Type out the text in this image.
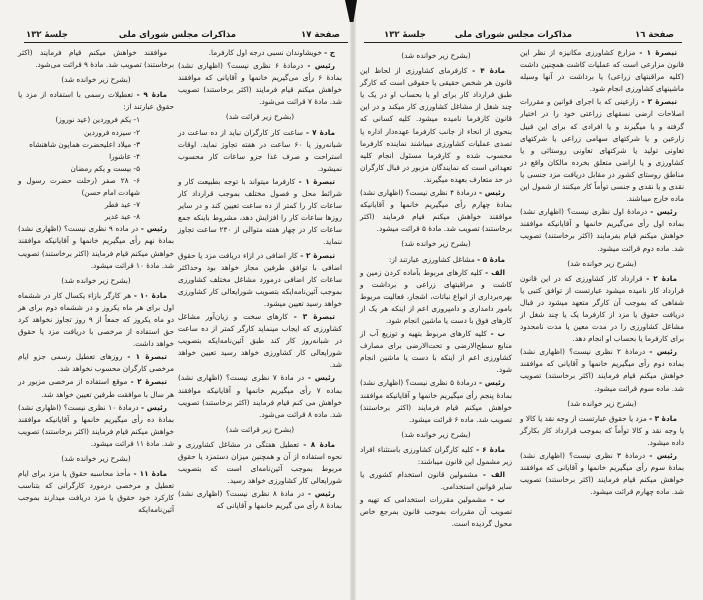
صفحة ۱۷
مذاکرات مجلس شورای ملی
جلسهٔ ۱۳۲

ج - خویشاوندان نسبی درجه اول کارفرما.

رئیس - درمادهٔ ۶ نظری نیست؟ (اظهاری نشد) بمادهٔ ۶ رأی می‌گیریم خانمها و آقایانی که موافقند خواهش میکنم قیام فرمایند (اکثر برخاستند) تصویب شد. مادهٔ ۷ قرائت می‌شود.

(بشرح زیر قرائت شد)

مادهٔ ۷ - ساعت کار کارگران نباید از ده ساعت در شبانه‌روز یا ۶۰ ساعت در هفته تجاوز نماید. اوقات استراحت و صرف غذا جزو ساعات کار محسوب نمیشود.

تبصرهٔ ۱ - کارفرما میتواند با توجه بطبیعت کار و شرائط محل و فصول مختلف بموجب قرارداد کار ساعات کار را کمتر از ده ساعت تعیین کند و در سایر روزها ساعات کار را افزایش دهد، مشروط باینکه جمع ساعات کار در چهار هفته متوالی از ۲۴۰ ساعت تجاوز ننماید.

تبصرهٔ ۲ - کار اضافی در ازاء دریافت مزد یا حقوق اضافی با توافق طرفین مجاز خواهد بود وحداکثر ساعات کار اضافی درمورد مشاغل مختلف کشاورزی بموجب آئین‌نامه‌ایکه بتصویب شورایعالی کار کشاورزی خواهد رسید تعیین میشود.

تبصرهٔ ۳ - کارهای سخت و زیان‌آور مشاغل کشاورزی که ایجاب مینماید کارگر کمتر از ده ساعت در شبانه‌روز کار کند طبق آئین‌نامه‌ایکه بتصویب شورایعالی کار کشاورزی خواهد رسید تعیین خواهد شد.

رئیس - در مادهٔ ۷ نظری نیست؟ (اظهاری نشد) بماده ۷ رأی میگیریم خانمها و آقایانیکه موافقند خواهش می کنم قیام فرمایند (اکثر برخاستند) تصویب شد. ماده ۸ قرائت می‌شود.

(بشرح زیر قرائت شد)

مادهٔ ۸ - تعطیل هفتگی در مشاغل کشاورزی و نحوه استفاده از آن و همچنین میزان دستمزد یا حقوق مربوط بموجب آئین‌نامه‌ای است که بتصویب شورایعالی کار کشاورزی خواهد رسید.

رئیس - در مادهٔ ۸ نظری نیست؟ (اظهاری نشد) بمادهٔ ۸ رأی می گیریم خانمها و آقایانی که

موافقند خواهش میکنم قیام فرمایند (اکثر برخاستند) تصویب شد. مادهٔ ۹ قرائت می‌شود.

(بشرح زیر خوانده شد)

مادهٔ ۹ - تعطیلات رسمی با استفاده از مزد یا حقوق عبارتند از:

۱- یکم فروردین (عید نوروز)

۲- سیزده فروردین

۳- میلاد اعلیحضرت همایون شاهنشاه

۴- عاشورا

۵- بیست و یکم رمضان

۶- ۲۸ صفر (رحلت حضرت رسول و شهادت امام حسن)

۷- عید فطر

۸- عید غدیر

رئیس - در ماده ۹ نظری نیست؟ (اظهاری نشد) بمادهٔ نهم رأی میگیریم خانمها و آقایانیکه موافقند خواهش میکنم قیام فرمایند (اکثر برخاستند) تصویب شد. مادهٔ ۱۰ قرائت میشود.

(بشرح زیر خوانده شد)

مادهٔ ۱۰ - هر کارگر بازاء یکسال کار در ششماه اول برای هر ماه یکروز و در ششماه دوم برای هر دو ماه یکروز که جمعاً از ۹ روز تجاوز نخواهد کرد حق استفاده از مرخصی با دریافت مزد یا حقوق خواهد داشت.

تبصرهٔ ۱ - روزهای تعطیل رسمی جزو ایام مرخصی کارگران محسوب نخواهد شد.

تبصرهٔ ۲ - موقع استفاده از مرخصی مزبور در هر سال با موافقت طرفین تعیین خواهد شد.

رئیس - درمادهٔ ۱۰ نظری نیست؟ (اظهاری نشد) بمادهٔ ده رأی میگیریم خانمها و آقایانیکه موافقند خواهش میکنم قیام فرمایند (اکثر برخاستند) تصویب شد. مادهٔ ۱۱ قرائت میشود.

(بشرح زیر خوانده شد)

مادهٔ ۱۱ - مأخذ محاسبه حقوق یا مزد برای ایام تعطیل و مرخصی درمورد کارگرانی که بتناسب کارکرد خود حقوق یا مزد دریافت میدارند بموجب آئین‌نامه‌ایکه

صفحة ۱٦
مذاکرات مجلس شورای ملی
جلسهٔ ۱۳۲

تبصرهٔ ۱ - مزارع کشاورزی مکانیزه از نظر این قانون مزارعی است که عملیات کاشت همچنین داشت (کلیه مراقبتهای زراعی) یا برداشت در آنها وسیله ماشینهای کشاورزی انجام شود.

تبصرهٔ ۲ - زارعینی که با اجرای قوانین و مقررات اصلاحات ارضی نسقهای زراعتی خود را در اختیار گرفته و یا میگیرند و یا افرادی که برای این قبیل زارعین و یا شرکتهای سهامی زراعی یا شرکتهای تعاونی تولید یا شرکتهای تعاونی روستائی و یا کشاورزی و یا اراضی متعلق بخرده مالکان واقع در مناطق روستای کشور در مقابل دریافت مزد جنسی یا نقدی و یا نقدی و جنسی توأماً کار میکنند از شمول این ماده خارج میباشند.

رئیس - درمادهٔ اول نظری نیست؟ (اظهاری نشد) بماده اول رأی می‌گیریم خانمها و آقایانیکه موافقند خواهش میکنم قیام بفرمایند (اکثر برخاستند) تصویب شد. ماده دوم قرائت میشود.

(بشرح زیر خوانده شد)

مادهٔ ۲ - قرارداد کار کشاورزی که در این قانون قرارداد کار نامیده میشود عبارتست از توافق کتبی یا شفاهی که بموجب آن کارگر متعهد میشود در قبال دریافت حقوق یا مزد از کارفرما یک یا چند شغل از مشاغل کشاورزی را در مدت معین یا مدت نامحدود برای کارفرما یا بحساب او انجام دهد.

رئیس - درمادهٔ ۲ نظری نیست؟ (اظهاری نشد) بماده دوم رأی میگیریم خانمها و آقایانی که موافقند خواهش میکنم قیام فرمایند (اکثر برخاستند) تصویب شد. ماده سوم قرائت میشود.

(بشرح زیر خوانده شد)

مادهٔ ۳ - مزد یا حقوق عبارتست از وجه نقد یا کالا و یا وجه نقد و کالا توأماً که بموجب قرارداد کار بکارگر داده میشود.

رئیس - درمادهٔ ۳ نظری نیست؟ (اظهاری نشد) بمادهٔ سوم رأی میگیریم خانمها و آقایانی که موافقند خواهش میکنم قیام فرمایند (اکثر برخاستند) تصویب شد. ماده چهارم قرائت میشود.

(بشرح زیر خوانده شد)

مادهٔ ۴ - کارفرمای کشاورزی از لحاظ این قانون هر شخص حقیقی یا حقوقی است که کارگر طبق قرارداد کار برای او یا بحساب او در یک یا چند شغل از مشاغل کشاورزی کار میکند و در این قانون کارفرما نامیده میشود. کلیه کسانی که بنحوی از انحاء از جانب کارفرما عهده‌دار اداره یا تصدی عملیات کشاورزی میباشند نماینده کارفرما محسوب شده و کارفرما مسئول انجام کلیه تعهداتی است که نمایندگان مزبور در قبال کارگران در حد متعارف بعهده میگیرند.

رئیس - درمادهٔ ۴ نظری نیست؟ (اظهاری نشد) بمادهٔ چهارم رأی میگیریم خانمها و آقایانیکه موافقند خواهش میکنم قیام فرمایند (اکثر برخاستند) تصویب شد. مادهٔ ۵ قرائت میشود.

(بشرح زیر خوانده شد)

مادهٔ ۵ - مشاغل کشاورزی عبارتند از:

الف - کلیه کارهای مربوط بآماده کردن زمین و کاشت و مراقبتهای زراعی و برداشت و بهره‌برداری از انواع نباتات، اشجار، فعالیت مربوط بامور دامداری و دامپروری اعم از اینکه هر یک از کارهای فوق با دست یا ماشین انجام شود.

ب - کلیه کارهای مربوط بتهیه و توزیع آب از منابع سطح‌الارضی و تحت‌الارضی برای مصارف کشاورزی اعم از اینکه با دست یا ماشین انجام شود.

رئیس - درمادهٔ ۵ نظری نیست؟ (اظهاری نشد) بمادهٔ پنجم رأی میگیریم خانمها و آقایانیکه موافقند خواهش میکنم قیام فرمایند (اکثر برخاستند) تصویب شد. ماده ۶ قرائت میشود.

(بشرح زیر خوانده شد)

مادهٔ ۶ - کلیه کارگران کشاورزی باستثناء افراد زیر مشمول این قانون میباشند:

الف - مشمولین قانون استخدام کشوری یا سایر قوانین استخدامی.

ب - مشمولین مقررات استخدامی که تهیه و تصویب آن مقررات بموجب قانون بمرجع خاص محول گردیده است.
